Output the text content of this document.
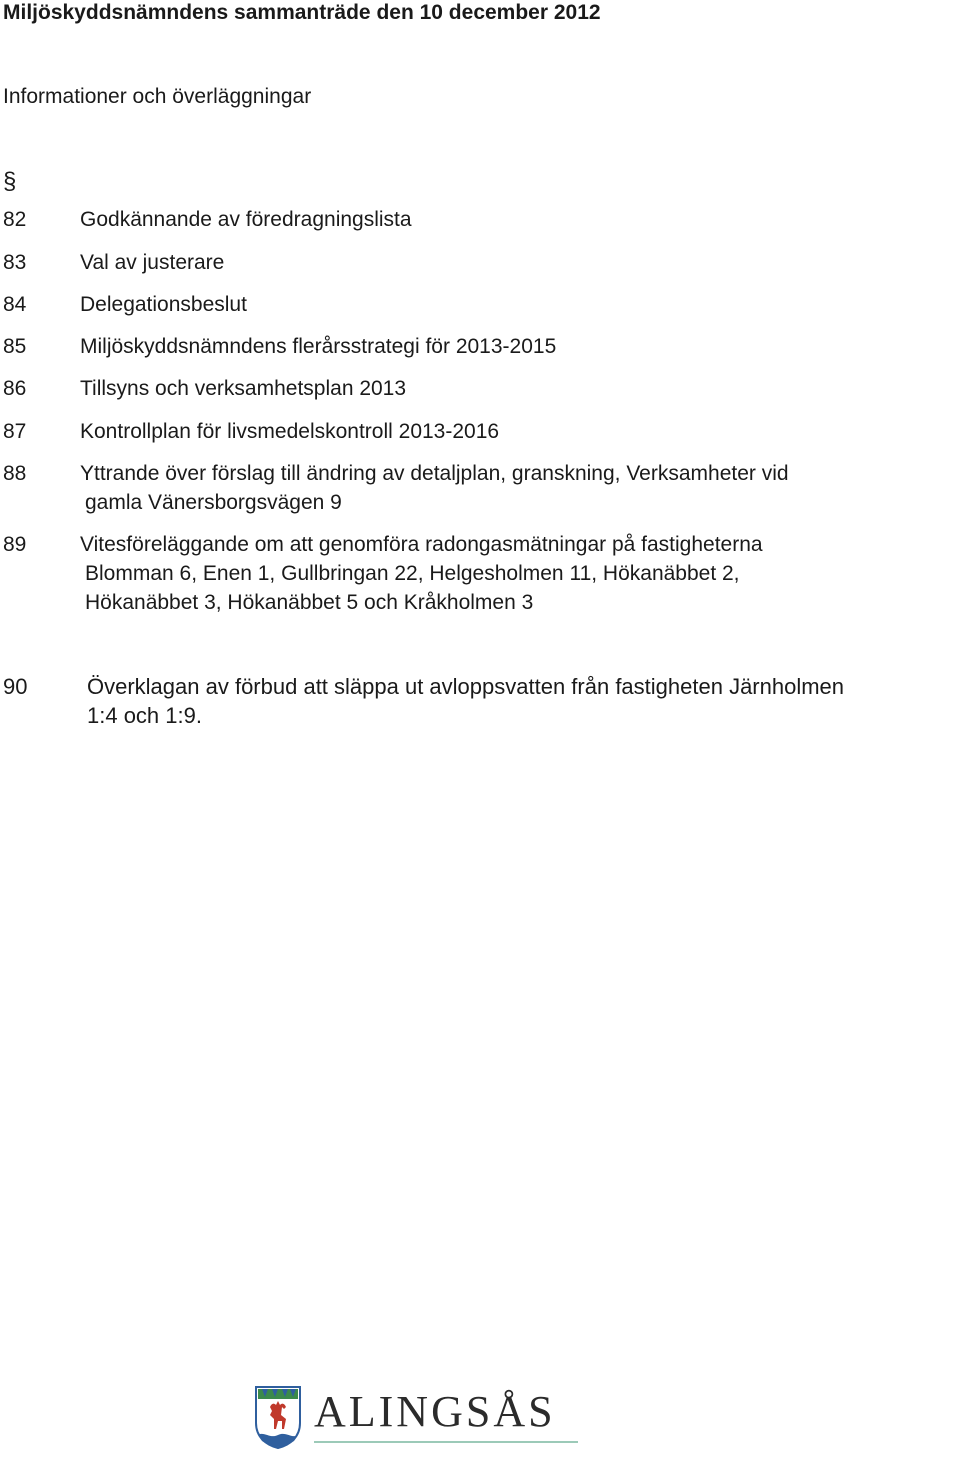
Miljöskyddsnämndens sammanträde den 10 december 2012
Informationer och överläggningar
§
82	Godkännande av föredragningslista
83	Val av justerare
84	Delegationsbeslut
85	Miljöskyddsnämndens flerårsstrategi för 2013-2015
86	Tillsyns och verksamhetsplan 2013
87	Kontrollplan för livsmedelskontroll 2013-2016
88	Yttrande över förslag till ändring av detaljplan, granskning, Verksamheter vid
gamla Vänersborgsvägen 9
89	Vitesföreläggande om att genomföra radongasmätningar på fastigheterna
Blomman 6, Enen 1, Gullbringan 22, Helgesholmen 11, Hökanäbbet 2,
Hökanäbbet 3, Hökanäbbet 5 och Kråkholmen 3
90	Överklagan av förbud att släppa ut avloppsvatten från fastigheten Järnholmen
1:4 och 1:9.
ALINGSÅS
